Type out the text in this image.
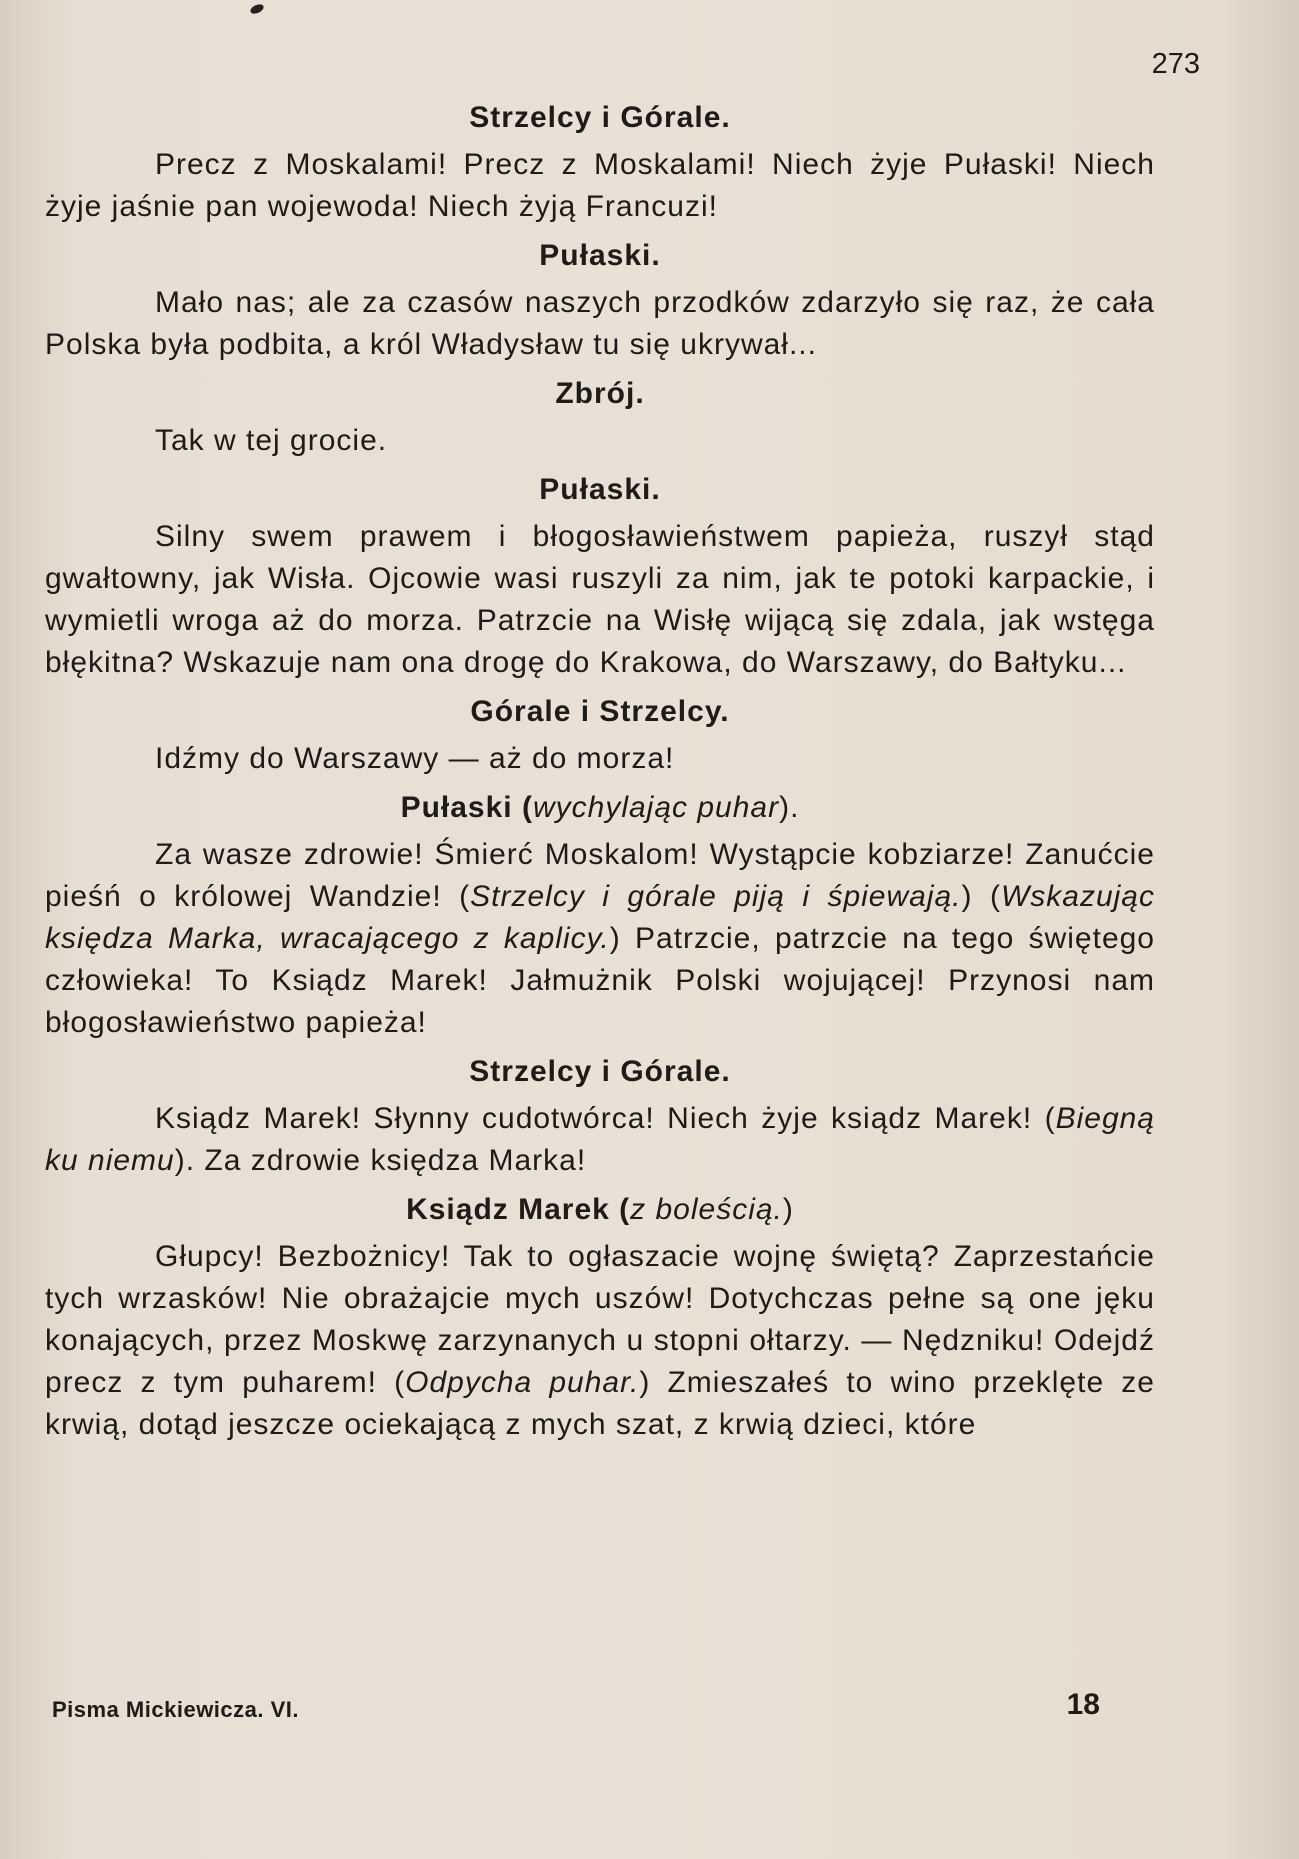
273

Strzelcy i Górale.

Precz z Moskalami! Precz z Moskalami! Niech żyje Pułaski! Niech żyje jaśnie pan wojewoda! Niech żyją Francuzi!

Pułaski.

Mało nas; ale za czasów naszych przodków zdarzyło się raz, że cała Polska była podbita, a król Władysław tu się ukrywał...

Zbrój.

Tak w tej grocie.

Pułaski.

Silny swem prawem i błogosławieństwem papieża, ruszył stąd gwałtowny, jak Wisła. Ojcowie wasi ruszyli za nim, jak te potoki karpackie, i wymietli wroga aż do morza. Patrzcie na Wisłę wijącą się zdala, jak wstęga błękitna? Wskazuje nam ona drogę do Krakowa, do Warszawy, do Bałtyku...

Górale i Strzelcy.

Idźmy do Warszawy — aż do morza!

Pułaski (wychylając puhar).

Za wasze zdrowie! Śmierć Moskalom! Wystąpcie kobziarze! Zanućcie pieśń o królowej Wandzie! (Strzelcy i górale piją i śpiewają.) (Wskazując księdza Marka, wracającego z kaplicy.) Patrzcie, patrzcie na tego świętego człowieka! To Ksiądz Marek! Jałmużnik Polski wojującej! Przynosi nam błogosławieństwo papieża!

Strzelcy i Górale.

Ksiądz Marek! Słynny cudotwórca! Niech żyje ksiądz Marek! (Biegną ku niemu). Za zdrowie księdza Marka!

Ksiądz Marek (z boleścią.)

Głupcy! Bezbożnicy! Tak to ogłaszacie wojnę świętą? Zaprzestańcie tych wrzasków! Nie obrażajcie mych uszów! Dotychczas pełne są one jęku konających, przez Moskwę zarzynanych u stopni ołtarzy. — Nędzniku! Odejdź precz z tym puharem! (Odpycha puhar.) Zmieszałeś to wino przeklęte ze krwią, dotąd jeszcze ociekającą z mych szat, z krwią dzieci, które

Pisma Mickiewicza. VI.	18
